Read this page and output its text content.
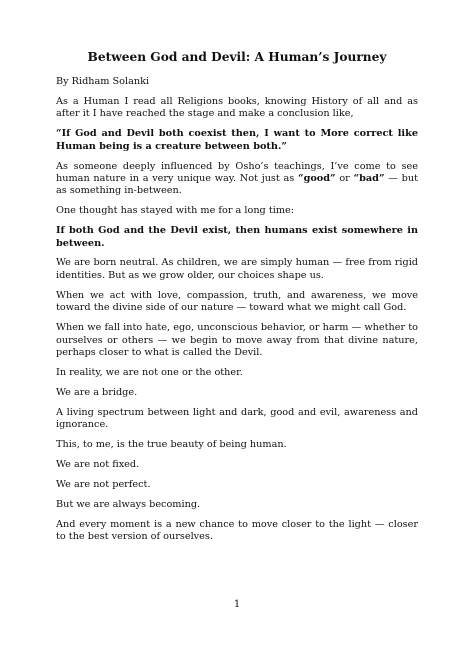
Between God and Devil: A Human’s Journey

By Ridham Solanki

As a Human I read all Religions books, knowing History of all and as after it I have reached the stage and make a conclusion like,

“If God and Devil both coexist then, I want to More correct like Human being is a creature between both.”

As someone deeply influenced by Osho’s teachings, I’ve come to see human nature in a very unique way. Not just as “good” or “bad” — but as something in-between.

One thought has stayed with me for a long time:

If both God and the Devil exist, then humans exist somewhere in between.

We are born neutral. As children, we are simply human — free from rigid identities. But as we grow older, our choices shape us.

When we act with love, compassion, truth, and awareness, we move toward the divine side of our nature — toward what we might call God.

When we fall into hate, ego, unconscious behavior, or harm — whether to ourselves or others — we begin to move away from that divine nature, perhaps closer to what is called the Devil.

In reality, we are not one or the other.

We are a bridge.

A living spectrum between light and dark, good and evil, awareness and ignorance.

This, to me, is the true beauty of being human.

We are not fixed.

We are not perfect.

But we are always becoming.

And every moment is a new chance to move closer to the light — closer to the best version of ourselves.

1
